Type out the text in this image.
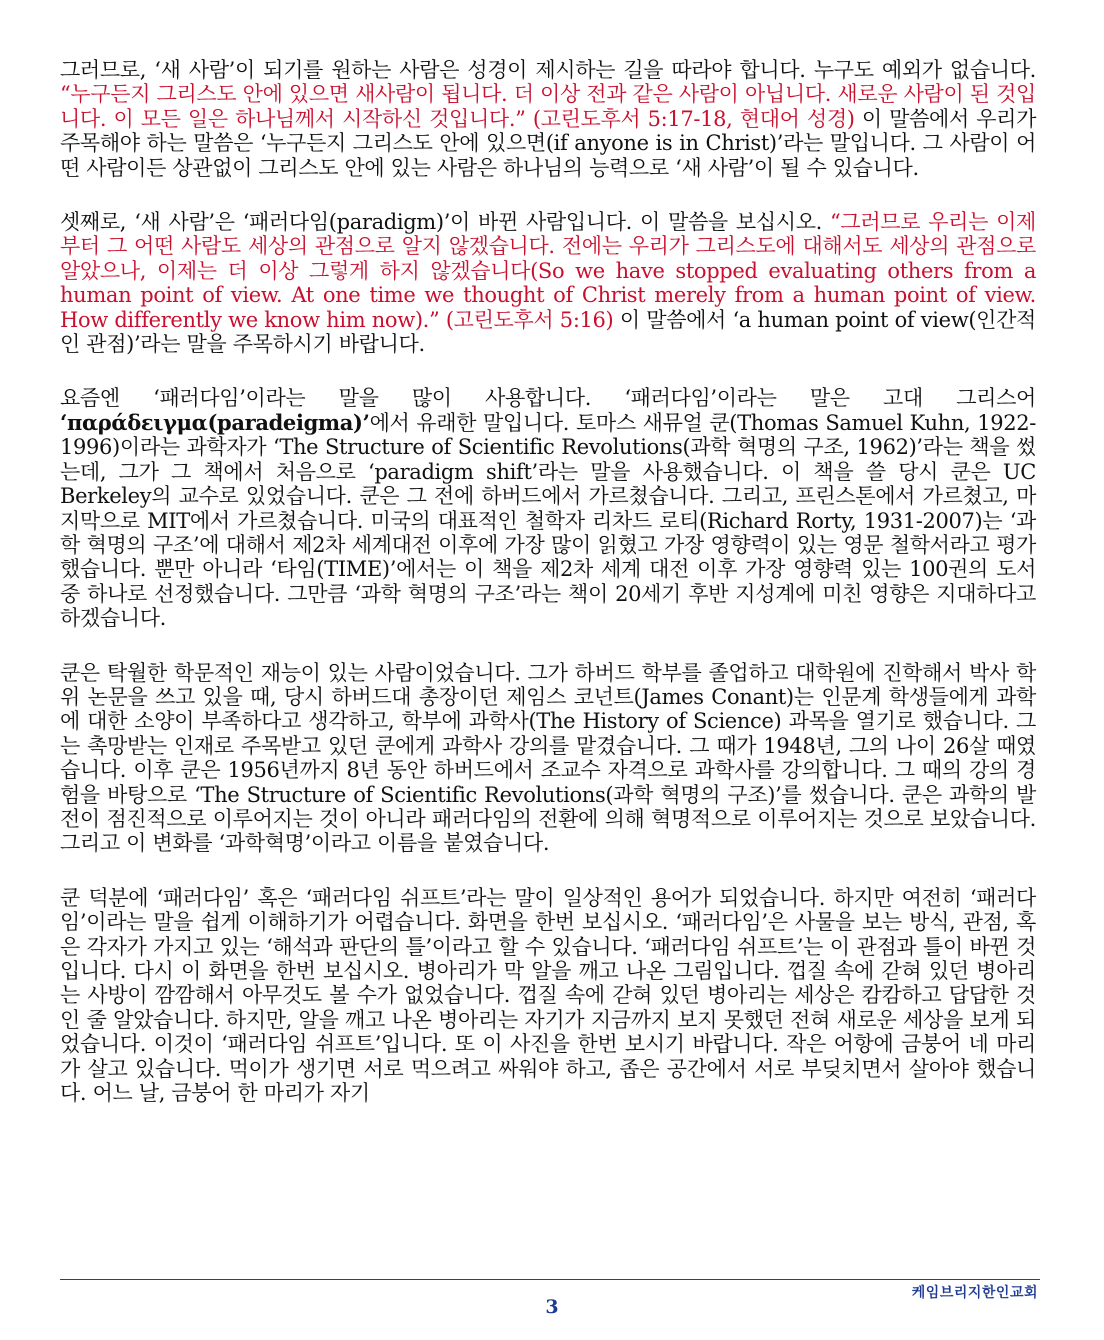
그러므로, ‘새 사람’이 되기를 원하는 사람은 성경이 제시하는 길을 따라야 합니다. 누구도 예외가 없습니다. “누구든지 그리스도 안에 있으면 새사람이 됩니다. 더 이상 전과 같은 사람이 아닙니다. 새로운 사람이 된 것입니다. 이 모든 일은 하나님께서 시작하신 것입니다.” (고린도후서 5:17-18, 현대어 성경) 이 말씀에서 우리가 주목해야 하는 말씀은 ‘누구든지 그리스도 안에 있으면(if anyone is in Christ)’라는 말입니다. 그 사람이 어떤 사람이든 상관없이 그리스도 안에 있는 사람은 하나님의 능력으로 ‘새 사람’이 될 수 있습니다.

셋째로, ‘새 사람’은 ‘패러다임(paradigm)’이 바뀐 사람입니다. 이 말씀을 보십시오. “그러므로 우리는 이제부터 그 어떤 사람도 세상의 관점으로 알지 않겠습니다. 전에는 우리가 그리스도에 대해서도 세상의 관점으로 알았으나, 이제는 더 이상 그렇게 하지 않겠습니다(So we have stopped evaluating others from a human point of view. At one time we thought of Christ merely from a human point of view. How differently we know him now).” (고린도후서 5:16) 이 말씀에서 ‘a human point of view(인간적인 관점)’라는 말을 주목하시기 바랍니다.

요즘엔 ‘패러다임’이라는 말을 많이 사용합니다. ‘패러다임’이라는 말은 고대 그리스어 ‘παράδειγμα(paradeigma)’에서 유래한 말입니다. 토마스 새뮤얼 쿤(Thomas Samuel Kuhn, 1922-1996)이라는 과학자가 ‘The Structure of Scientific Revolutions(과학 혁명의 구조, 1962)’라는 책을 썼는데, 그가 그 책에서 처음으로 ‘paradigm shift’라는 말을 사용했습니다. 이 책을 쓸 당시 쿤은 UC Berkeley의 교수로 있었습니다. 쿤은 그 전에 하버드에서 가르쳤습니다. 그리고, 프린스톤에서 가르쳤고, 마지막으로 MIT에서 가르쳤습니다. 미국의 대표적인 철학자 리차드 로티(Richard Rorty, 1931-2007)는 ‘과학 혁명의 구조’에 대해서 제2차 세계대전 이후에 가장 많이 읽혔고 가장 영향력이 있는 영문 철학서라고 평가했습니다. 뿐만 아니라 ‘타임(TIME)’에서는 이 책을 제2차 세계 대전 이후 가장 영향력 있는 100권의 도서 중 하나로 선정했습니다. 그만큼 ‘과학 혁명의 구조’라는 책이 20세기 후반 지성계에 미친 영향은 지대하다고 하겠습니다.

쿤은 탁월한 학문적인 재능이 있는 사람이었습니다. 그가 하버드 학부를 졸업하고 대학원에 진학해서 박사 학위 논문을 쓰고 있을 때, 당시 하버드대 총장이던 제임스 코넌트(James Conant)는 인문계 학생들에게 과학에 대한 소양이 부족하다고 생각하고, 학부에 과학사(The History of Science) 과목을 열기로 했습니다. 그는 촉망받는 인재로 주목받고 있던 쿤에게 과학사 강의를 맡겼습니다. 그 때가 1948년, 그의 나이 26살 때였습니다. 이후 쿤은 1956년까지 8년 동안 하버드에서 조교수 자격으로 과학사를 강의합니다. 그 때의 강의 경험을 바탕으로 ‘The Structure of Scientific Revolutions(과학 혁명의 구조)’를 썼습니다. 쿤은 과학의 발전이 점진적으로 이루어지는 것이 아니라 패러다임의 전환에 의해 혁명적으로 이루어지는 것으로 보았습니다. 그리고 이 변화를 ‘과학혁명’이라고 이름을 붙였습니다.

쿤 덕분에 ‘패러다임’ 혹은 ‘패러다임 쉬프트’라는 말이 일상적인 용어가 되었습니다. 하지만 여전히 ‘패러다임’이라는 말을 쉽게 이해하기가 어렵습니다. 화면을 한번 보십시오. ‘패러다임’은 사물을 보는 방식, 관점, 혹은 각자가 가지고 있는 ‘해석과 판단의 틀’이라고 할 수 있습니다. ‘패러다임 쉬프트’는 이 관점과 틀이 바뀐 것입니다. 다시 이 화면을 한번 보십시오. 병아리가 막 알을 깨고 나온 그림입니다. 껍질 속에 갇혀 있던 병아리는 사방이 깜깜해서 아무것도 볼 수가 없었습니다. 껍질 속에 갇혀 있던 병아리는 세상은 캄캄하고 답답한 것인 줄 알았습니다. 하지만, 알을 깨고 나온 병아리는 자기가 지금까지 보지 못했던 전혀 새로운 세상을 보게 되었습니다. 이것이 ‘패러다임 쉬프트’입니다. 또 이 사진을 한번 보시기 바랍니다. 작은 어항에 금붕어 네 마리가 살고 있습니다. 먹이가 생기면 서로 먹으려고 싸워야 하고, 좁은 공간에서 서로 부딪치면서 살아야 했습니다. 어느 날, 금붕어 한 마리가 자기

케임브리지한인교회
3
